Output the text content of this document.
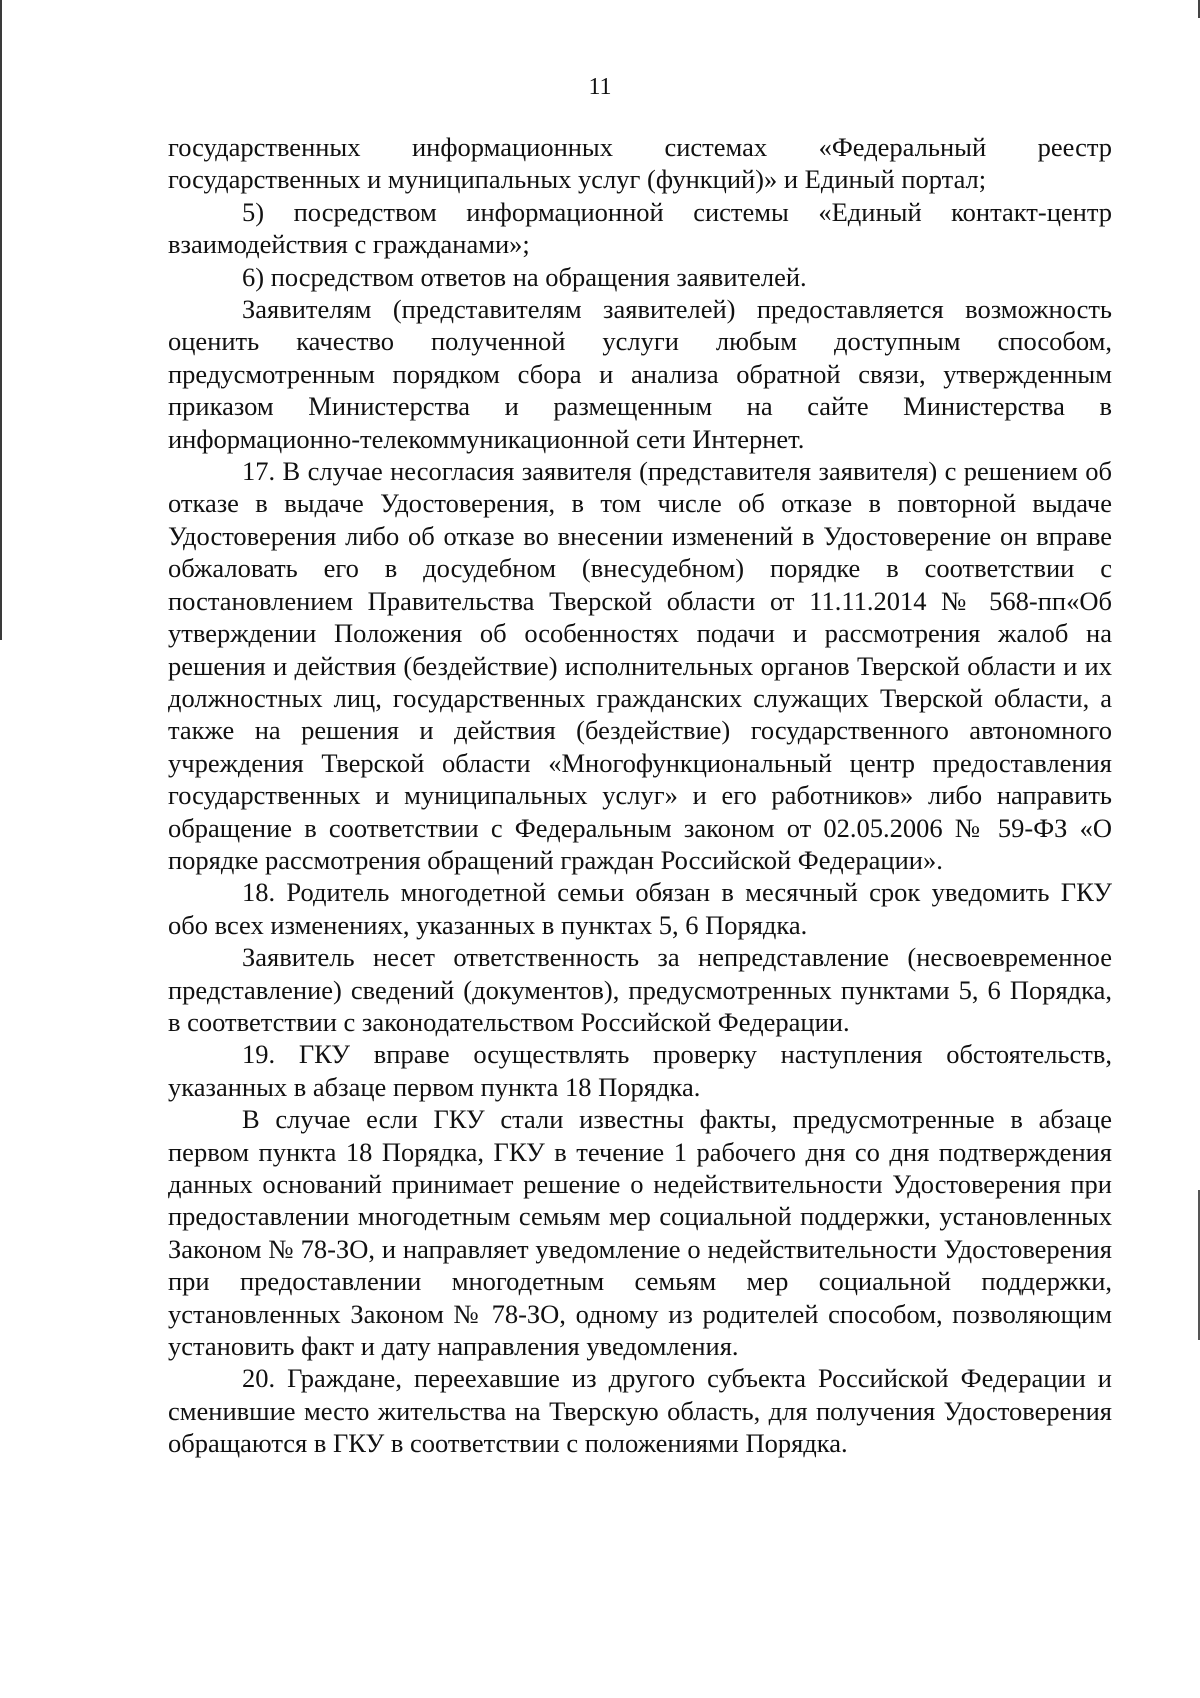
11

государственных информационных системах «Федеральный реестр государственных и муниципальных услуг (функций)» и Единый портал;

5) посредством информационной системы «Единый контакт-центр взаимодействия с гражданами»;

6) посредством ответов на обращения заявителей.

Заявителям (представителям заявителей) предоставляется возможность оценить качество полученной услуги любым доступным способом, предусмотренным порядком сбора и анализа обратной связи, утвержденным приказом Министерства и размещенным на сайте Министерства в информационно-телекоммуникационной сети Интернет.

17. В случае несогласия заявителя (представителя заявителя) с решением об отказе в выдаче Удостоверения, в том числе об отказе в повторной выдаче Удостоверения либо об отказе во внесении изменений в Удостоверение он вправе обжаловать его в досудебном (внесудебном) порядке в соответствии с постановлением Правительства Тверской области от 11.11.2014 № 568-пп«Об утверждении Положения об особенностях подачи и рассмотрения жалоб на решения и действия (бездействие) исполнительных органов Тверской области и их должностных лиц, государственных гражданских служащих Тверской области, а также на решения и действия (бездействие) государственного автономного учреждения Тверской области «Многофункциональный центр предоставления государственных и муниципальных услуг» и его работников» либо направить обращение в соответствии с Федеральным законом от 02.05.2006 № 59-ФЗ «О порядке рассмотрения обращений граждан Российской Федерации».

18. Родитель многодетной семьи обязан в месячный срок уведомить ГКУ обо всех изменениях, указанных в пунктах 5, 6 Порядка.

Заявитель несет ответственность за непредставление (несвоевременное представление) сведений (документов), предусмотренных пунктами 5, 6 Порядка, в соответствии с законодательством Российской Федерации.

19. ГКУ вправе осуществлять проверку наступления обстоятельств, указанных в абзаце первом пункта 18 Порядка.

В случае если ГКУ стали известны факты, предусмотренные в абзаце первом пункта 18 Порядка, ГКУ в течение 1 рабочего дня со дня подтверждения данных оснований принимает решение о недействительности Удостоверения при предоставлении многодетным семьям мер социальной поддержки, установленных Законом № 78-ЗО, и направляет уведомление о недействительности Удостоверения при предоставлении многодетным семьям мер социальной поддержки, установленных Законом № 78-ЗО, одному из родителей способом, позволяющим установить факт и дату направления уведомления.

20. Граждане, переехавшие из другого субъекта Российской Федерации и сменившие место жительства на Тверскую область, для получения Удостоверения обращаются в ГКУ в соответствии с положениями Порядка.
